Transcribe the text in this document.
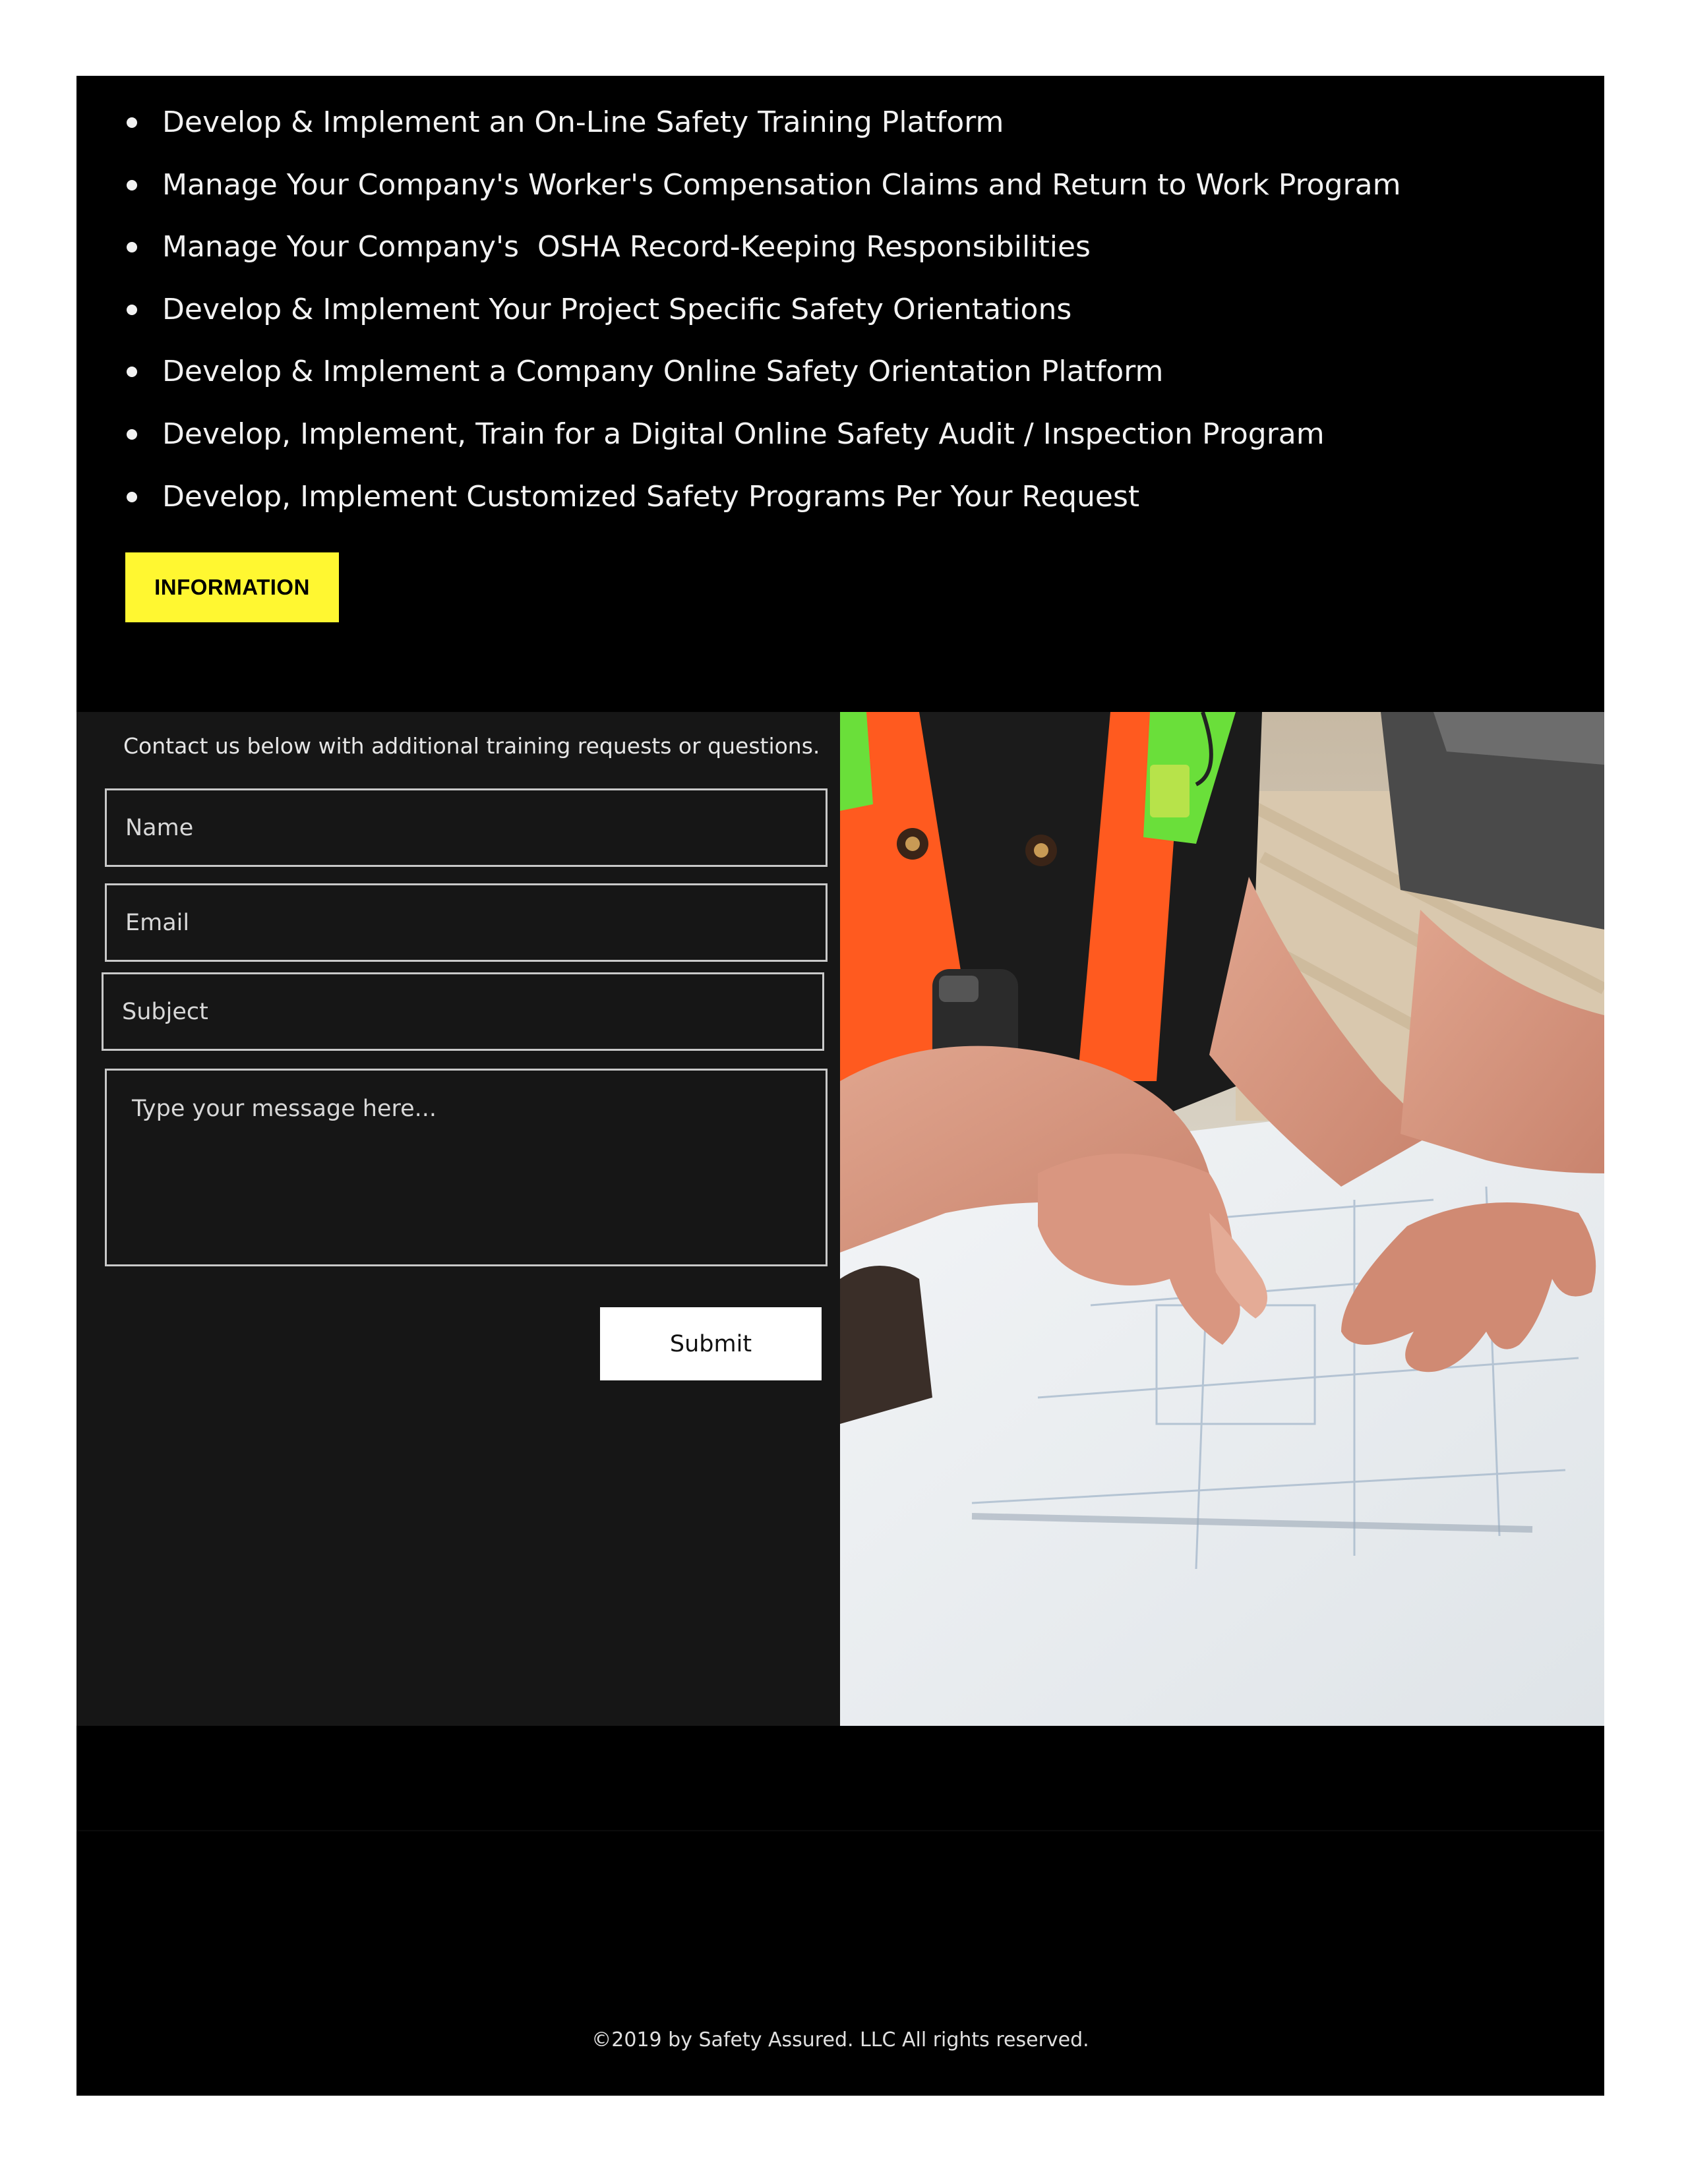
Develop & Implement an On-Line Safety Training Platform
Manage Your Company's Worker's Compensation Claims and Return to Work Program
Manage Your Company's  OSHA Record-Keeping Responsibilities
Develop & Implement Your Project Specific Safety Orientations
Develop & Implement a Company Online Safety Orientation Platform
Develop, Implement, Train for a Digital Online Safety Audit / Inspection Program
Develop, Implement Customized Safety Programs Per Your Request
INFORMATION
Contact us below with additional training requests or questions.
Name
Email
Subject
Type your message here...
Submit
©2019 by Safety Assured. LLC All rights reserved.
